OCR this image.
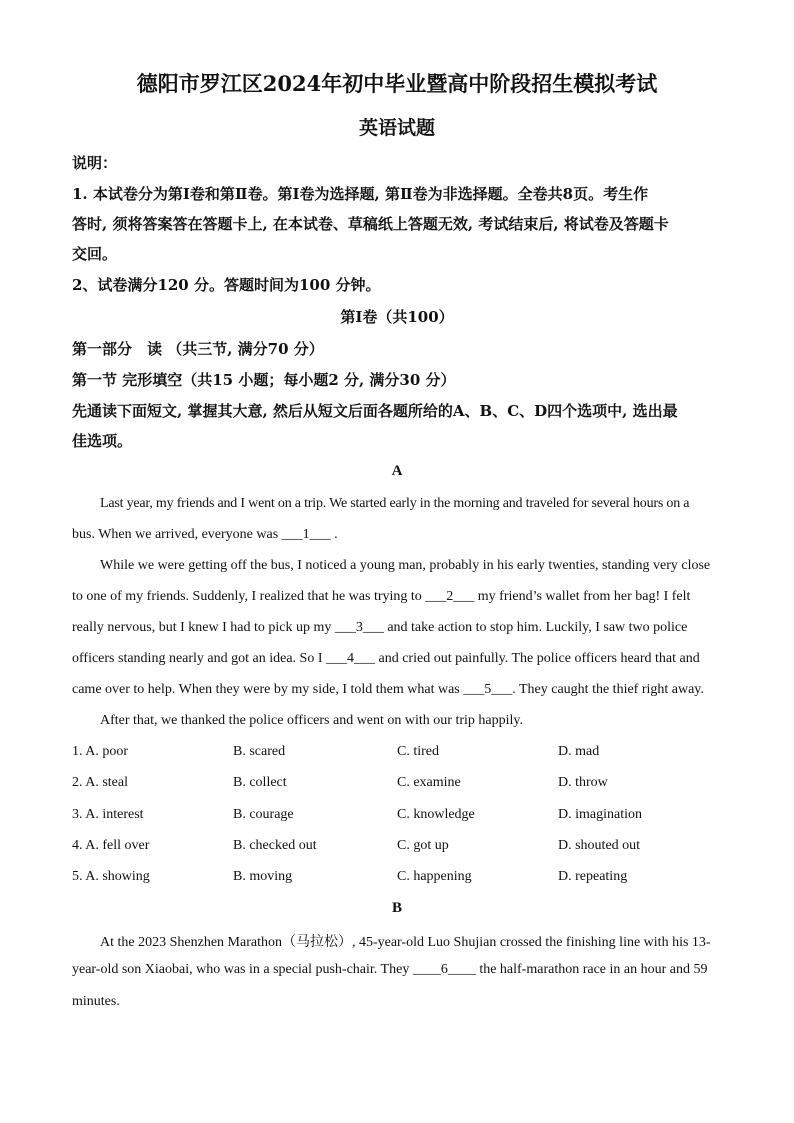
德阳市罗江区2024年初中毕业暨高中阶段招生模拟考试
英语试题
说明：
1. 本试卷分为第Ⅰ卷和第Ⅱ卷。第Ⅰ卷为选择题, 第Ⅱ卷为非选择题。全卷共8页。考生作
答时, 须将答案答在答题卡上, 在本试卷、草稿纸上答题无效, 考试结束后, 将试卷及答题卡
交回。
2、试卷满分120 分。答题时间为100 分钟。
第Ⅰ卷（共100）
第一部分　读 （共三节, 满分70 分）
第一节 完形填空（共15 小题；每小题2 分, 满分30 分）
先通读下面短文, 掌握其大意, 然后从短文后面各题所给的A、B、C、D四个选项中, 选出最
佳选项。
A
Last year, my friends and I went on a trip. We started early in the morning and traveled for several hours on a
bus. When we arrived, everyone was ___1___ .
While we were getting off the bus, I noticed a young man, probably in his early twenties, standing very close
to one of my friends. Suddenly, I realized that he was trying to ___2___ my friend’s wallet from her bag! I felt
really nervous, but I knew I had to pick up my ___3___ and take action to stop him. Luckily, I saw two police
officers standing nearly and got an idea. So I ___4___ and cried out painfully. The police officers heard that and
came over to help. When they were by my side, I told them what was ___5___. They caught the thief right away.
After that, we thanked the police officers and went on with our trip happily.
1. A. poor	B. scared	C. tired	D. mad
2. A. steal	B. collect	C. examine	D. throw
3. A. interest	B. courage	C. knowledge	D. imagination
4. A. fell over	B. checked out	C. got up	D. shouted out
5. A. showing	B. moving	C. happening	D. repeating
B
At the 2023 Shenzhen Marathon（马拉松）, 45-year-old Luo Shujian crossed the finishing line with his 13-
year-old son Xiaobai, who was in a special push-chair. They ____6____ the half-marathon race in an hour and 59
minutes.
